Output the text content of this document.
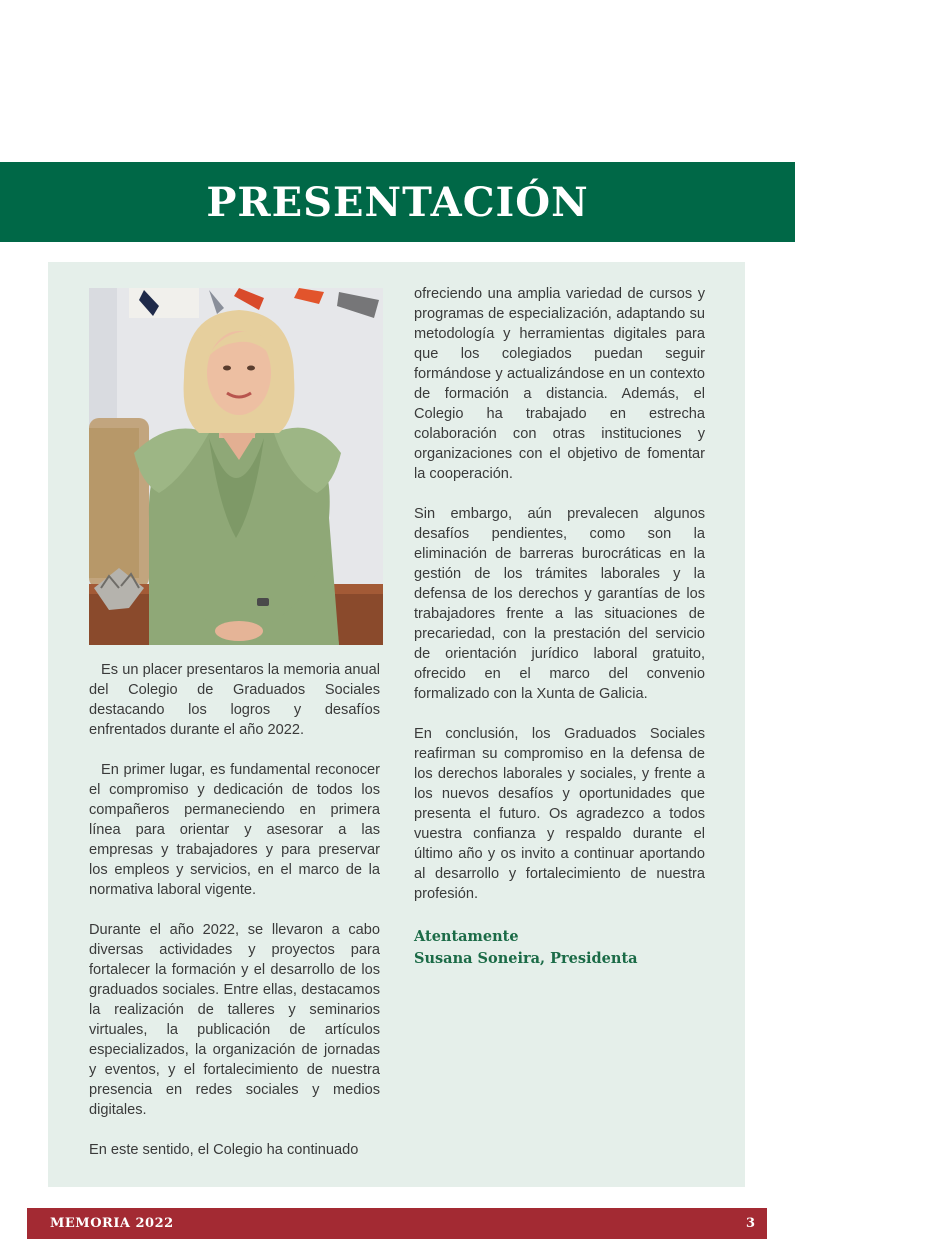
PRESENTACIÓN

Es un placer presentaros la memoria anual del Colegio de Graduados Sociales destacando los logros y desafíos enfrentados durante el año 2022.

En primer lugar, es fundamental reconocer el compromiso y dedicación de todos los compañeros permaneciendo en primera línea para orientar y asesorar a las empresas y trabajadores y para preservar los empleos y servicios, en el marco de la normativa laboral vigente.

Durante el año 2022, se llevaron a cabo diversas actividades y proyectos para fortalecer la formación y el desarrollo de los graduados sociales. Entre ellas, destacamos la realización de talleres y seminarios virtuales, la publicación de artículos especializados, la organización de jornadas y eventos, y el fortalecimiento de nuestra presencia en redes sociales y medios digitales.

En este sentido, el Colegio ha continuado

ofreciendo una amplia variedad de cursos y programas de especialización, adaptando su metodología y herramientas digitales para que los colegiados puedan seguir formándose y actualizándose en un contexto de formación a distancia. Además, el Colegio ha trabajado en estrecha colaboración con otras instituciones y organizaciones con el objetivo de fomentar la cooperación.

Sin embargo, aún prevalecen algunos desafíos pendientes, como son la eliminación de barreras burocráticas en la gestión de los trámites laborales y la defensa de los derechos y garantías de los trabajadores frente a las situaciones de precariedad, con la prestación del servicio de orientación jurídico laboral gratuito, ofrecido en el marco del convenio formalizado con la Xunta de Galicia.

En conclusión, los Graduados Sociales reafirman su compromiso en la defensa de los derechos laborales y sociales, y frente a los nuevos desafíos y oportunidades que presenta el futuro. Os agradezco a todos vuestra confianza y respaldo durante el último año y os invito a continuar aportando al desarrollo y fortalecimiento de nuestra profesión.

Atentamente
Susana Soneira, Presidenta
MEMORIA 2022	3
